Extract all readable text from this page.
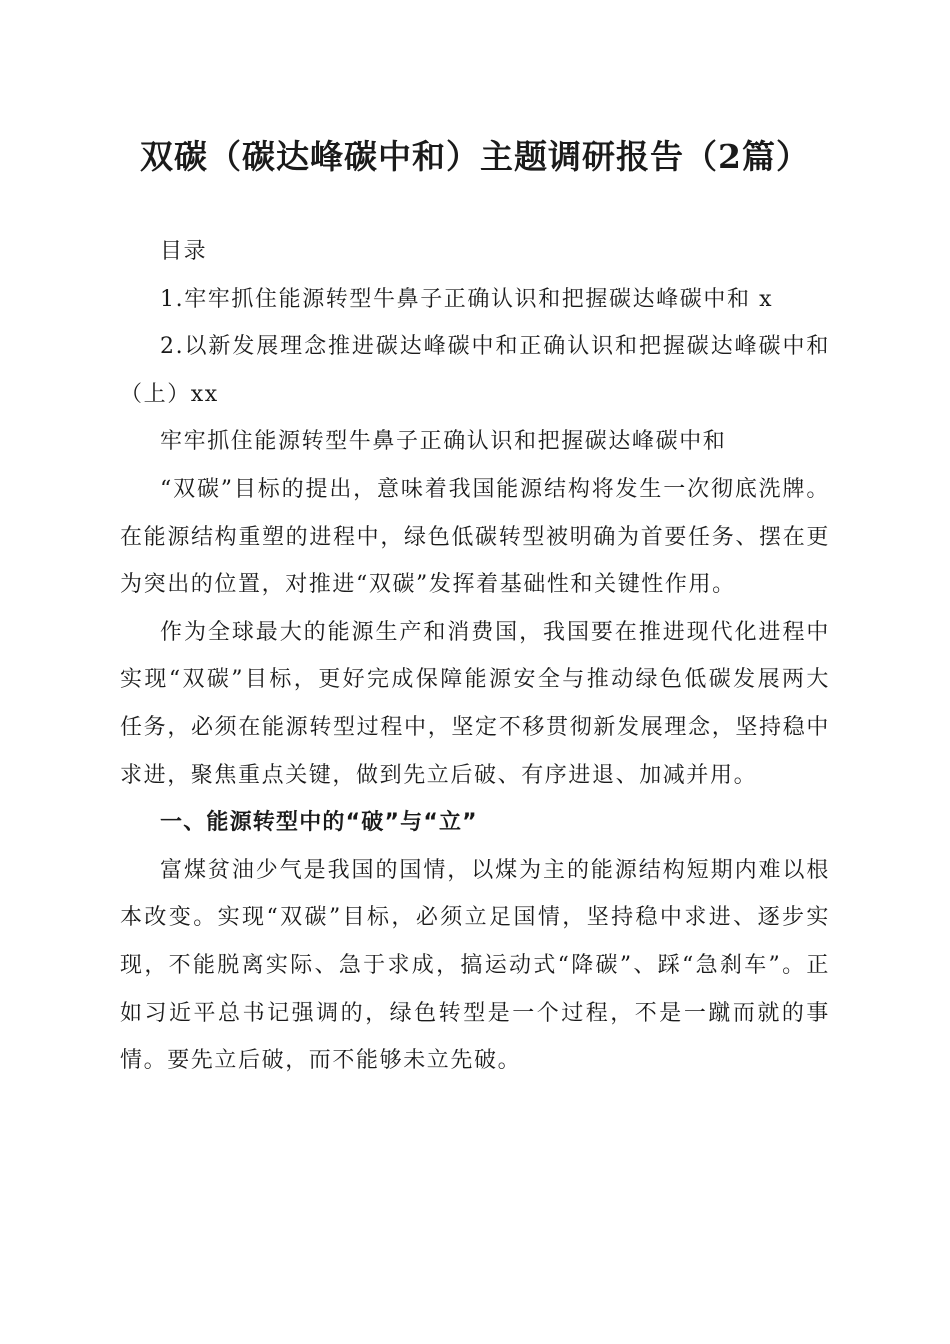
双碳（碳达峰碳中和）主题调研报告（2篇）

目录

1.牢牢抓住能源转型牛鼻子正确认识和把握碳达峰碳中和 x

2.以新发展理念推进碳达峰碳中和正确认识和把握碳达峰碳中和（上）xx

牢牢抓住能源转型牛鼻子正确认识和把握碳达峰碳中和

“双碳”目标的提出，意味着我国能源结构将发生一次彻底洗牌。在能源结构重塑的进程中，绿色低碳转型被明确为首要任务、摆在更为突出的位置，对推进“双碳”发挥着基础性和关键性作用。

作为全球最大的能源生产和消费国，我国要在推进现代化进程中实现“双碳”目标，更好完成保障能源安全与推动绿色低碳发展两大任务，必须在能源转型过程中，坚定不移贯彻新发展理念，坚持稳中求进，聚焦重点关键，做到先立后破、有序进退、加减并用。

一、能源转型中的“破”与“立”

富煤贫油少气是我国的国情，以煤为主的能源结构短期内难以根本改变。实现“双碳”目标，必须立足国情，坚持稳中求进、逐步实现，不能脱离实际、急于求成，搞运动式“降碳”、踩“急刹车”。正如习近平总书记强调的，绿色转型是一个过程，不是一蹴而就的事情。要先立后破，而不能够未立先破。
